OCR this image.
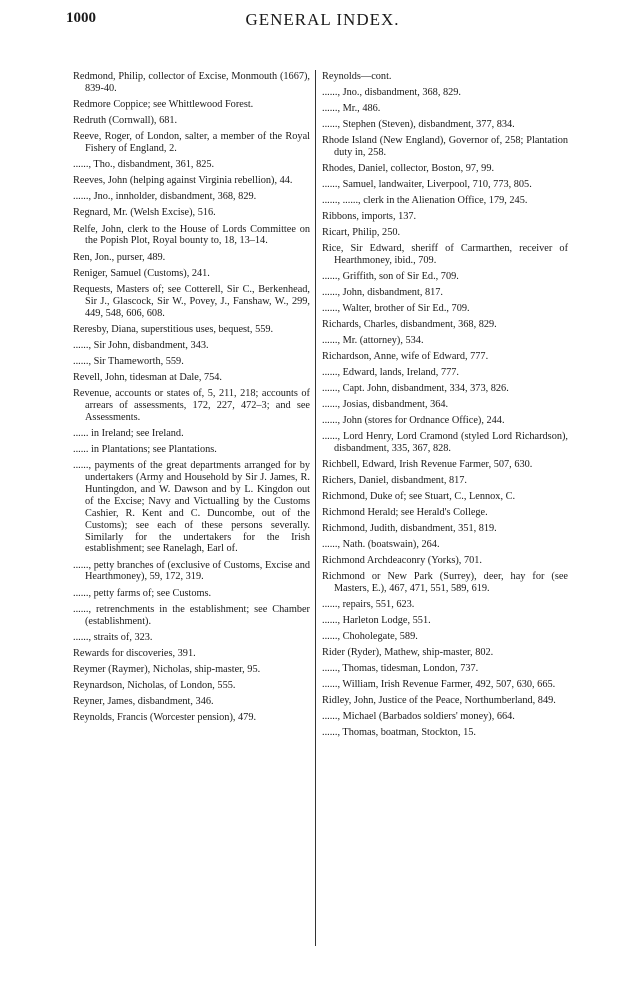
1000	GENERAL INDEX.
Redmond, Philip, collector of Excise, Monmouth (1667), 839-40.
Redmore Coppice; see Whittlewood Forest.
Redruth (Cornwall), 681.
Reeve, Roger, of London, salter, a member of the Royal Fishery of England, 2.
......, Tho., disbandment, 361, 825.
Reeves, John (helping against Virginia rebellion), 44.
......, Jno., innholder, disbandment, 368, 829.
Regnard, Mr. (Welsh Excise), 516.
Relfe, John, clerk to the House of Lords Committee on the Popish Plot, Royal bounty to, 18, 13–14.
Ren, Jon., purser, 489.
Reniger, Samuel (Customs), 241.
Requests, Masters of; see Cotterell, Sir C., Berkenhead, Sir J., Glascock, Sir W., Povey, J., Fanshaw, W., 299, 449, 548, 606, 608.
Reresby, Diana, superstitious uses, bequest, 559.
......, Sir John, disbandment, 343.
......, Sir Thameworth, 559.
Revell, John, tidesman at Dale, 754.
Revenue, accounts or states of, 5, 211, 218; accounts of arrears of assessments, 172, 227, 472–3; and see Assessments.
...... in Ireland; see Ireland.
...... in Plantations; see Plantations.
......, payments of the great departments arranged for by undertakers (Army and Household by Sir J. James, R. Huntingdon, and W. Dawson and by L. Kingdon out of the Excise; Navy and Victualling by the Customs Cashier, R. Kent and C. Duncombe, out of the Customs); see each of these persons severally. Similarly for the undertakers for the Irish establishment; see Ranelagh, Earl of.
......, petty branches of (exclusive of Customs, Excise and Hearthmoney), 59, 172, 319.
......, petty farms of; see Customs.
......, retrenchments in the establishment; see Chamber (establishment).
......, straits of, 323.
Rewards for discoveries, 391.
Reymer (Raymer), Nicholas, ship-master, 95.
Reynardson, Nicholas, of London, 555.
Reyner, James, disbandment, 346.
Reynolds, Francis (Worcester pension), 479.
Reynolds—cont.
......, Jno., disbandment, 368, 829.
......, Mr., 486.
......, Stephen (Steven), disbandment, 377, 834.
Rhode Island (New England), Governor of, 258; Plantation duty in, 258.
Rhodes, Daniel, collector, Boston, 97, 99.
......, Samuel, landwaiter, Liverpool, 710, 773, 805.
......, ......, clerk in the Alienation Office, 179, 245.
Ribbons, imports, 137.
Ricart, Philip, 250.
Rice, Sir Edward, sheriff of Carmarthen, receiver of Hearthmoney, ibid., 709.
......, Griffith, son of Sir Ed., 709.
......, John, disbandment, 817.
......, Walter, brother of Sir Ed., 709.
Richards, Charles, disbandment, 368, 829.
......, Mr. (attorney), 534.
Richardson, Anne, wife of Edward, 777.
......, Edward, lands, Ireland, 777.
......, Capt. John, disbandment, 334, 373, 826.
......, Josias, disbandment, 364.
......, John (stores for Ordnance Office), 244.
......, Lord Henry, Lord Cramond (styled Lord Richardson), disbandment, 335, 367, 828.
Richbell, Edward, Irish Revenue Farmer, 507, 630.
Richers, Daniel, disbandment, 817.
Richmond, Duke of; see Stuart, C., Lennox, C.
Richmond Herald; see Herald's College.
Richmond, Judith, disbandment, 351, 819.
......, Nath. (boatswain), 264.
Richmond Archdeaconry (Yorks), 701.
Richmond or New Park (Surrey), deer, hay for (see Masters, E.), 467, 471, 551, 589, 619.
......, repairs, 551, 623.
......, Harleton Lodge, 551.
......, Choholegate, 589.
Rider (Ryder), Mathew, ship-master, 802.
......, Thomas, tidesman, London, 737.
......, William, Irish Revenue Farmer, 492, 507, 630, 665.
Ridley, John, Justice of the Peace, Northumberland, 849.
......, Michael (Barbados soldiers' money), 664.
......, Thomas, boatman, Stockton, 15.
